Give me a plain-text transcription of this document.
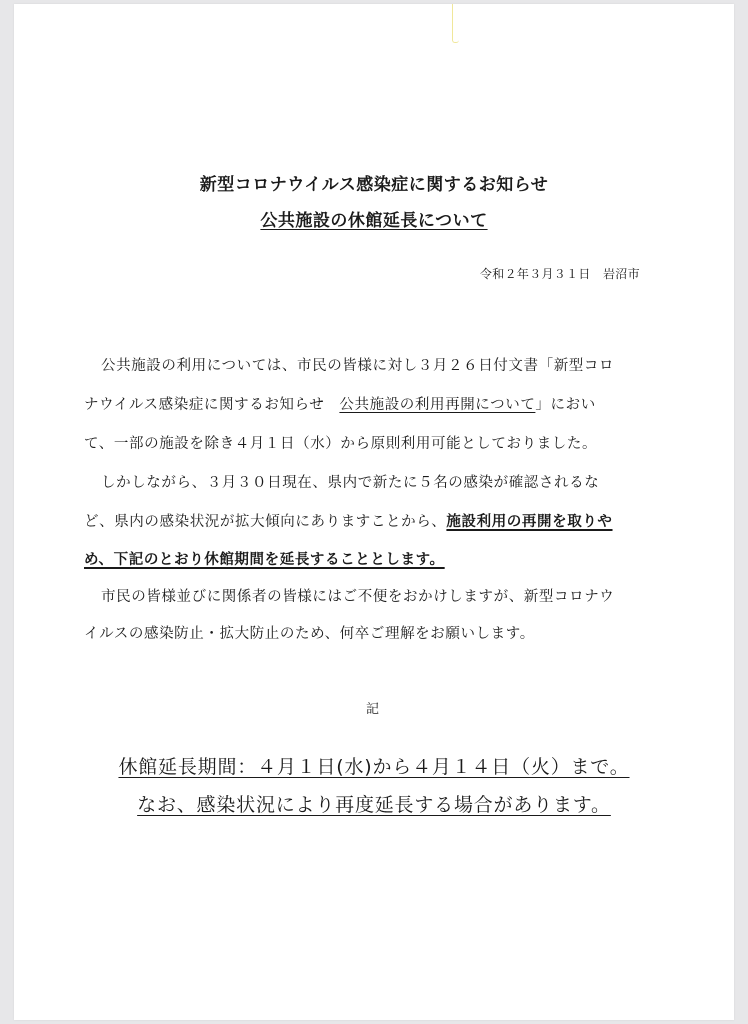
新型コロナウイルス感染症に関するお知らせ
公共施設の休館延長について
令和２年３月３１日　岩沼市
公共施設の利用については、市民の皆様に対し３月２６日付文書「新型コロ
ナウイルス感染症に関するお知らせ　公共施設の利用再開について」におい
て、一部の施設を除き４月１日（水）から原則利用可能としておりました。
しかしながら、３月３０日現在、県内で新たに５名の感染が確認されるな
ど、県内の感染状況が拡大傾向にありますことから、施設利用の再開を取りや
め、下記のとおり休館期間を延長することとします。
市民の皆様並びに関係者の皆様にはご不便をおかけしますが、新型コロナウ
イルスの感染防止・拡大防止のため、何卒ご理解をお願いします。
記
休館延長期間：４月１日(水)から４月１４日（火）まで。
なお、感染状況により再度延長する場合があります。
